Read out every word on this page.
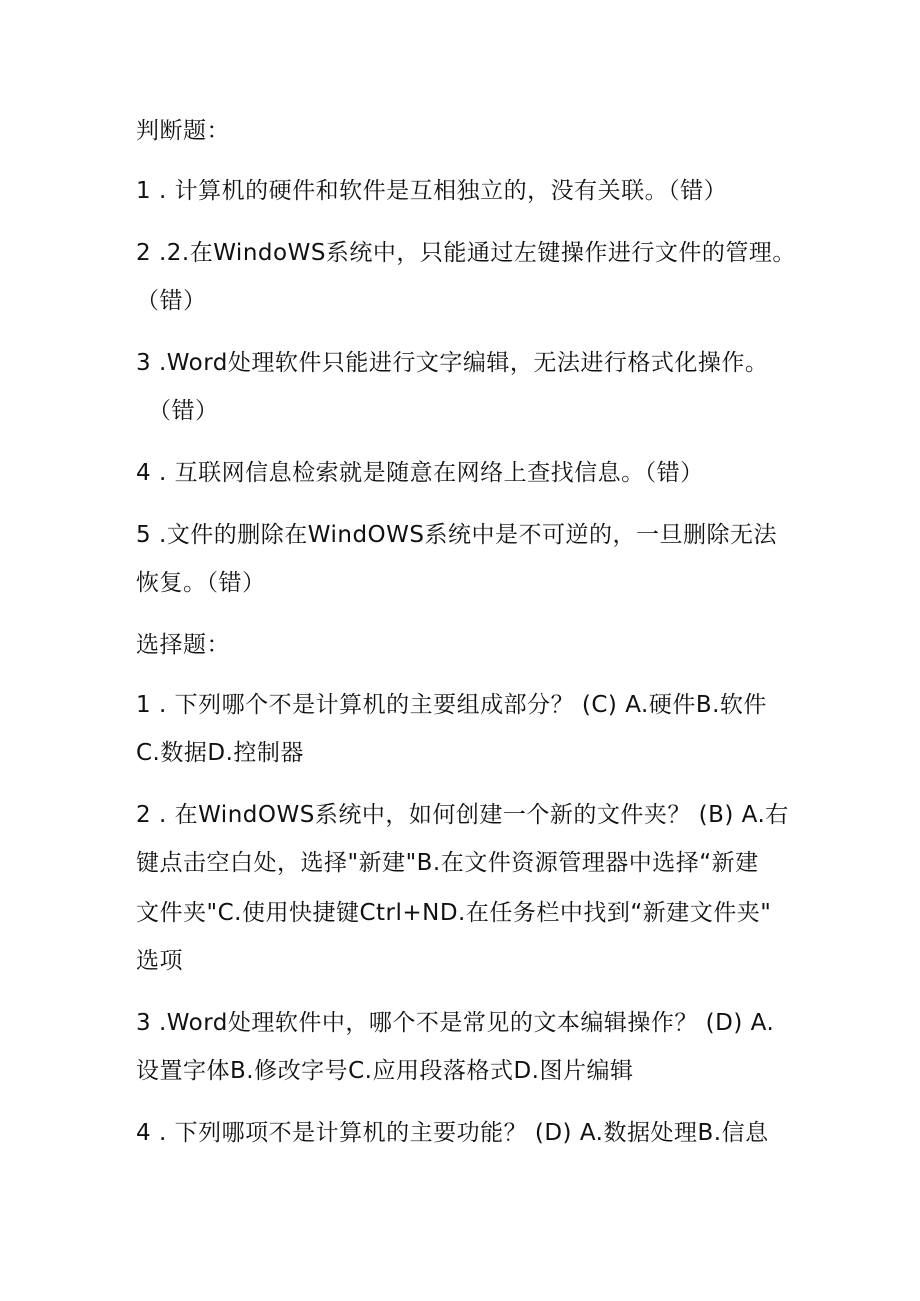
判断题：
1 . 计算机的硬件和软件是互相独立的，没有关联。（错）
2 .2.在WindoWS系统中，只能通过左键操作进行文件的管理。
（错）
3 .Word处理软件只能进行文字编辑，无法进行格式化操作。
（错）
4 . 互联网信息检索就是随意在网络上查找信息。（错）
5 .文件的删除在WindOWS系统中是不可逆的，一旦删除无法
恢复。（错）
选择题：
1 . 下列哪个不是计算机的主要组成部分？ (C) A.硬件B.软件
C.数据D.控制器
2 . 在WindOWS系统中，如何创建一个新的文件夹？ (B) A.右
键点击空白处，选择"新建"B.在文件资源管理器中选择“新建
文件夹"C.使用快捷键Ctrl+ND.在任务栏中找到“新建文件夹"
选项
3 .Word处理软件中，哪个不是常见的文本编辑操作？ (D) A.
设置字体B.修改字号C.应用段落格式D.图片编辑
4 . 下列哪项不是计算机的主要功能？ (D) A.数据处理B.信息
